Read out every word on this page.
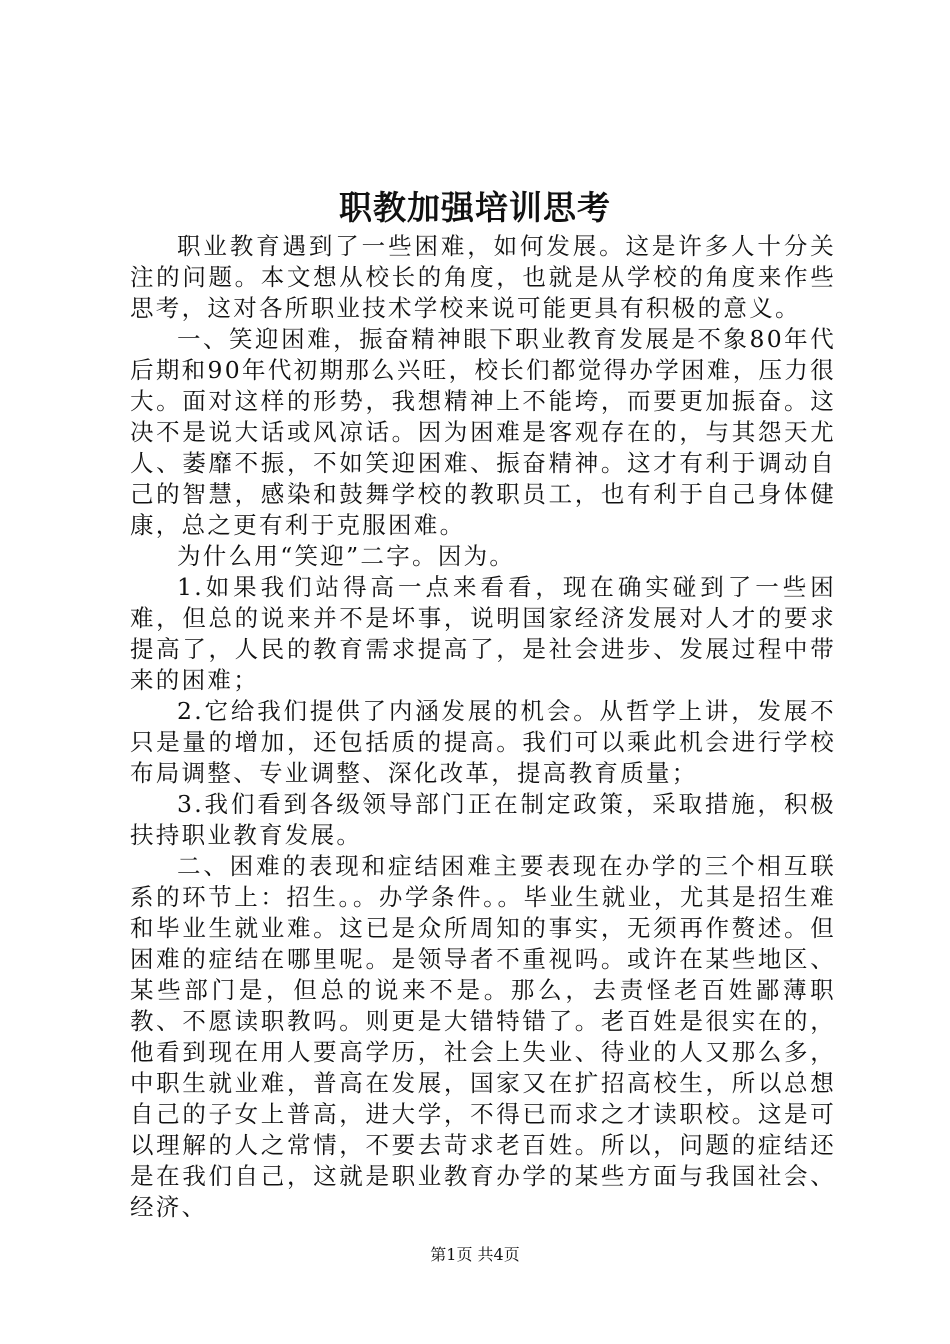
职教加强培训思考

职业教育遇到了一些困难，如何发展。这是许多人十分关注的问题。本文想从校长的角度，也就是从学校的角度来作些思考，这对各所职业技术学校来说可能更具有积极的意义。

一、笑迎困难，振奋精神眼下职业教育发展是不象80年代后期和90年代初期那么兴旺，校长们都觉得办学困难，压力很大。面对这样的形势，我想精神上不能垮，而要更加振奋。这决不是说大话或风凉话。因为困难是客观存在的，与其怨天尤人、萎靡不振，不如笑迎困难、振奋精神。这才有利于调动自己的智慧，感染和鼓舞学校的教职员工，也有利于自己身体健康，总之更有利于克服困难。

为什么用“笑迎”二字。因为。

1.如果我们站得高一点来看看，现在确实碰到了一些困难，但总的说来并不是坏事，说明国家经济发展对人才的要求提高了，人民的教育需求提高了，是社会进步、发展过程中带来的困难；

2.它给我们提供了内涵发展的机会。从哲学上讲，发展不只是量的增加，还包括质的提高。我们可以乘此机会进行学校布局调整、专业调整、深化改革，提高教育质量；

3.我们看到各级领导部门正在制定政策，采取措施，积极扶持职业教育发展。

二、困难的表现和症结困难主要表现在办学的三个相互联系的环节上：招生。。办学条件。。毕业生就业，尤其是招生难和毕业生就业难。这已是众所周知的事实，无须再作赘述。但困难的症结在哪里呢。是领导者不重视吗。或许在某些地区、某些部门是，但总的说来不是。那么，去责怪老百姓鄙薄职教、不愿读职教吗。则更是大错特错了。老百姓是很实在的，他看到现在用人要高学历，社会上失业、待业的人又那么多，中职生就业难，普高在发展，国家又在扩招高校生，所以总想自己的子女上普高，进大学，不得已而求之才读职校。这是可以理解的人之常情，不要去苛求老百姓。所以，问题的症结还是在我们自己，这就是职业教育办学的某些方面与我国社会、经济、

第1页 共4页
